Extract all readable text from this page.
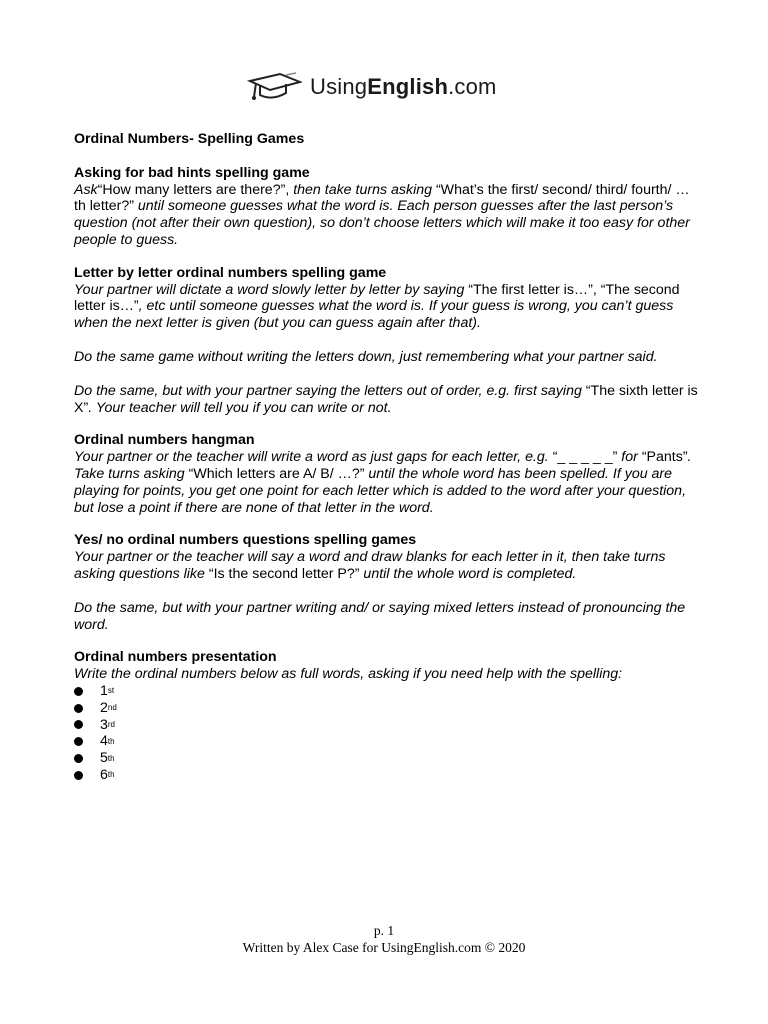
UsingEnglish.com
Ordinal Numbers- Spelling Games
Asking for bad hints spelling game

Ask“How many letters are there?”, then take turns asking “What’s the first/ second/ third/ fourth/ …th letter?” until someone guesses what the word is. Each person guesses after the last person’s question (not after their own question), so don’t choose letters which will make it too easy for other people to guess.

Letter by letter ordinal numbers spelling game

Your partner will dictate a word slowly letter by letter by saying “The first letter is…”, “The second letter is…”, etc until someone guesses what the word is. If your guess is wrong, you can’t guess when the next letter is given (but you can guess again after that).

Do the same game without writing the letters down, just remembering what your partner said.

Do the same, but with your partner saying the letters out of order, e.g. first saying “The sixth letter is X”. Your teacher will tell you if you can write or not.

Ordinal numbers hangman

Your partner or the teacher will write a word as just gaps for each letter, e.g. “_ _ _ _ _” for “Pants”. Take turns asking “Which letters are A/ B/ …?” until the whole word has been spelled. If you are playing for points, you get one point for each letter which is added to the word after your question, but lose a point if there are none of that letter in the word.

Yes/ no ordinal numbers questions spelling games

Your partner or the teacher will say a word and draw blanks for each letter in it, then take turns asking questions like “Is the second letter P?” until the whole word is completed.

Do the same, but with your partner writing and/ or saying mixed letters instead of pronouncing the word.

Ordinal numbers presentation

Write the ordinal numbers below as full words, asking if you need help with the spelling:

1 st
2 nd
3 rd
4 th
5 th
6 th
p. 1
Written by Alex Case for UsingEnglish.com © 2020
